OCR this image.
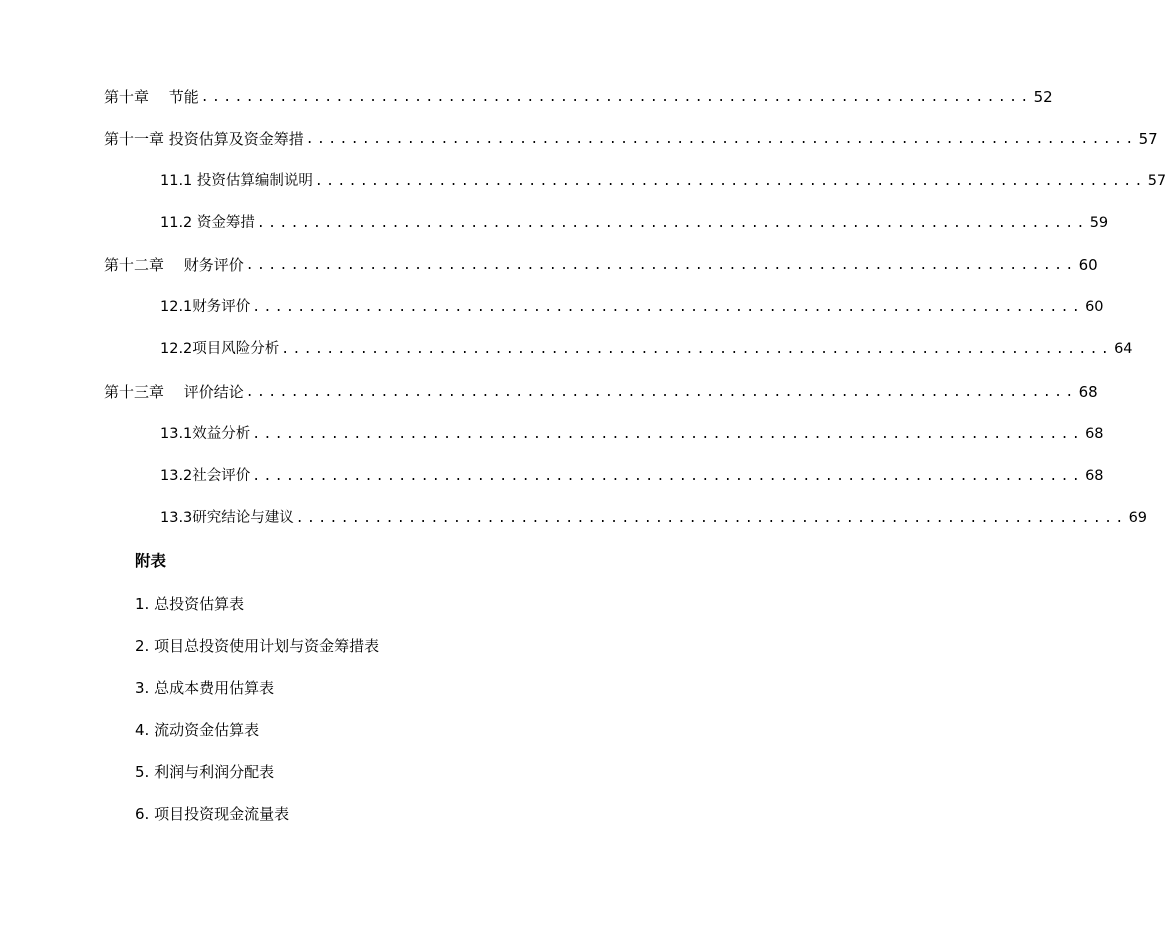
第十章　 节能 .......................................................................... 52
第十一章 投资估算及资金筹措 .......................................................................... 57
11.1 投资估算编制说明 .......................................................................... 57
11.2 资金筹措 .......................................................................... 59
第十二章　 财务评价 .......................................................................... 60
12.1财务评价 .......................................................................... 60
12.2项目风险分析 .......................................................................... 64
第十三章　 评价结论 .......................................................................... 68
13.1效益分析 .......................................................................... 68
13.2社会评价 .......................................................................... 68
13.3研究结论与建议 .......................................................................... 69
附表
1. 总投资估算表
2. 项目总投资使用计划与资金筹措表
3. 总成本费用估算表
4. 流动资金估算表
5. 利润与利润分配表
6. 项目投资现金流量表
